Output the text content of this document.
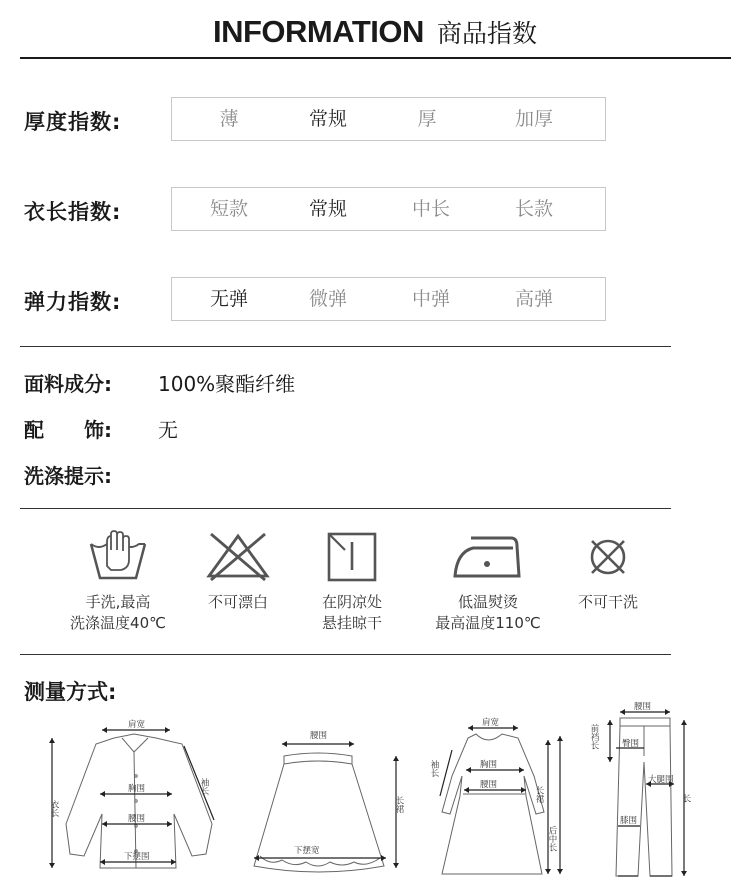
INFORMATION 商品指数
厚度指数:	薄	常规	厚	加厚
衣长指数:	短款	常规	中长	长款
弹力指数:	无弹	微弹	中弹	高弹
面料成分: 100%聚酯纤维
配　　饰: 无
洗涤提示:
手洗,最高
洗涤温度40℃
不可漂白	在阴凉处
悬挂晾干
低温熨烫
最高温度110℃
不可干洗
测量方式:
肩宽
胸围
腰围
下摆围
衣长
袖长
腰围
下摆宽
长裙
肩宽
胸围
腰围
袖长
长裙
后中长
腰围
臀围
大腿围
膝围
前裆长
长
